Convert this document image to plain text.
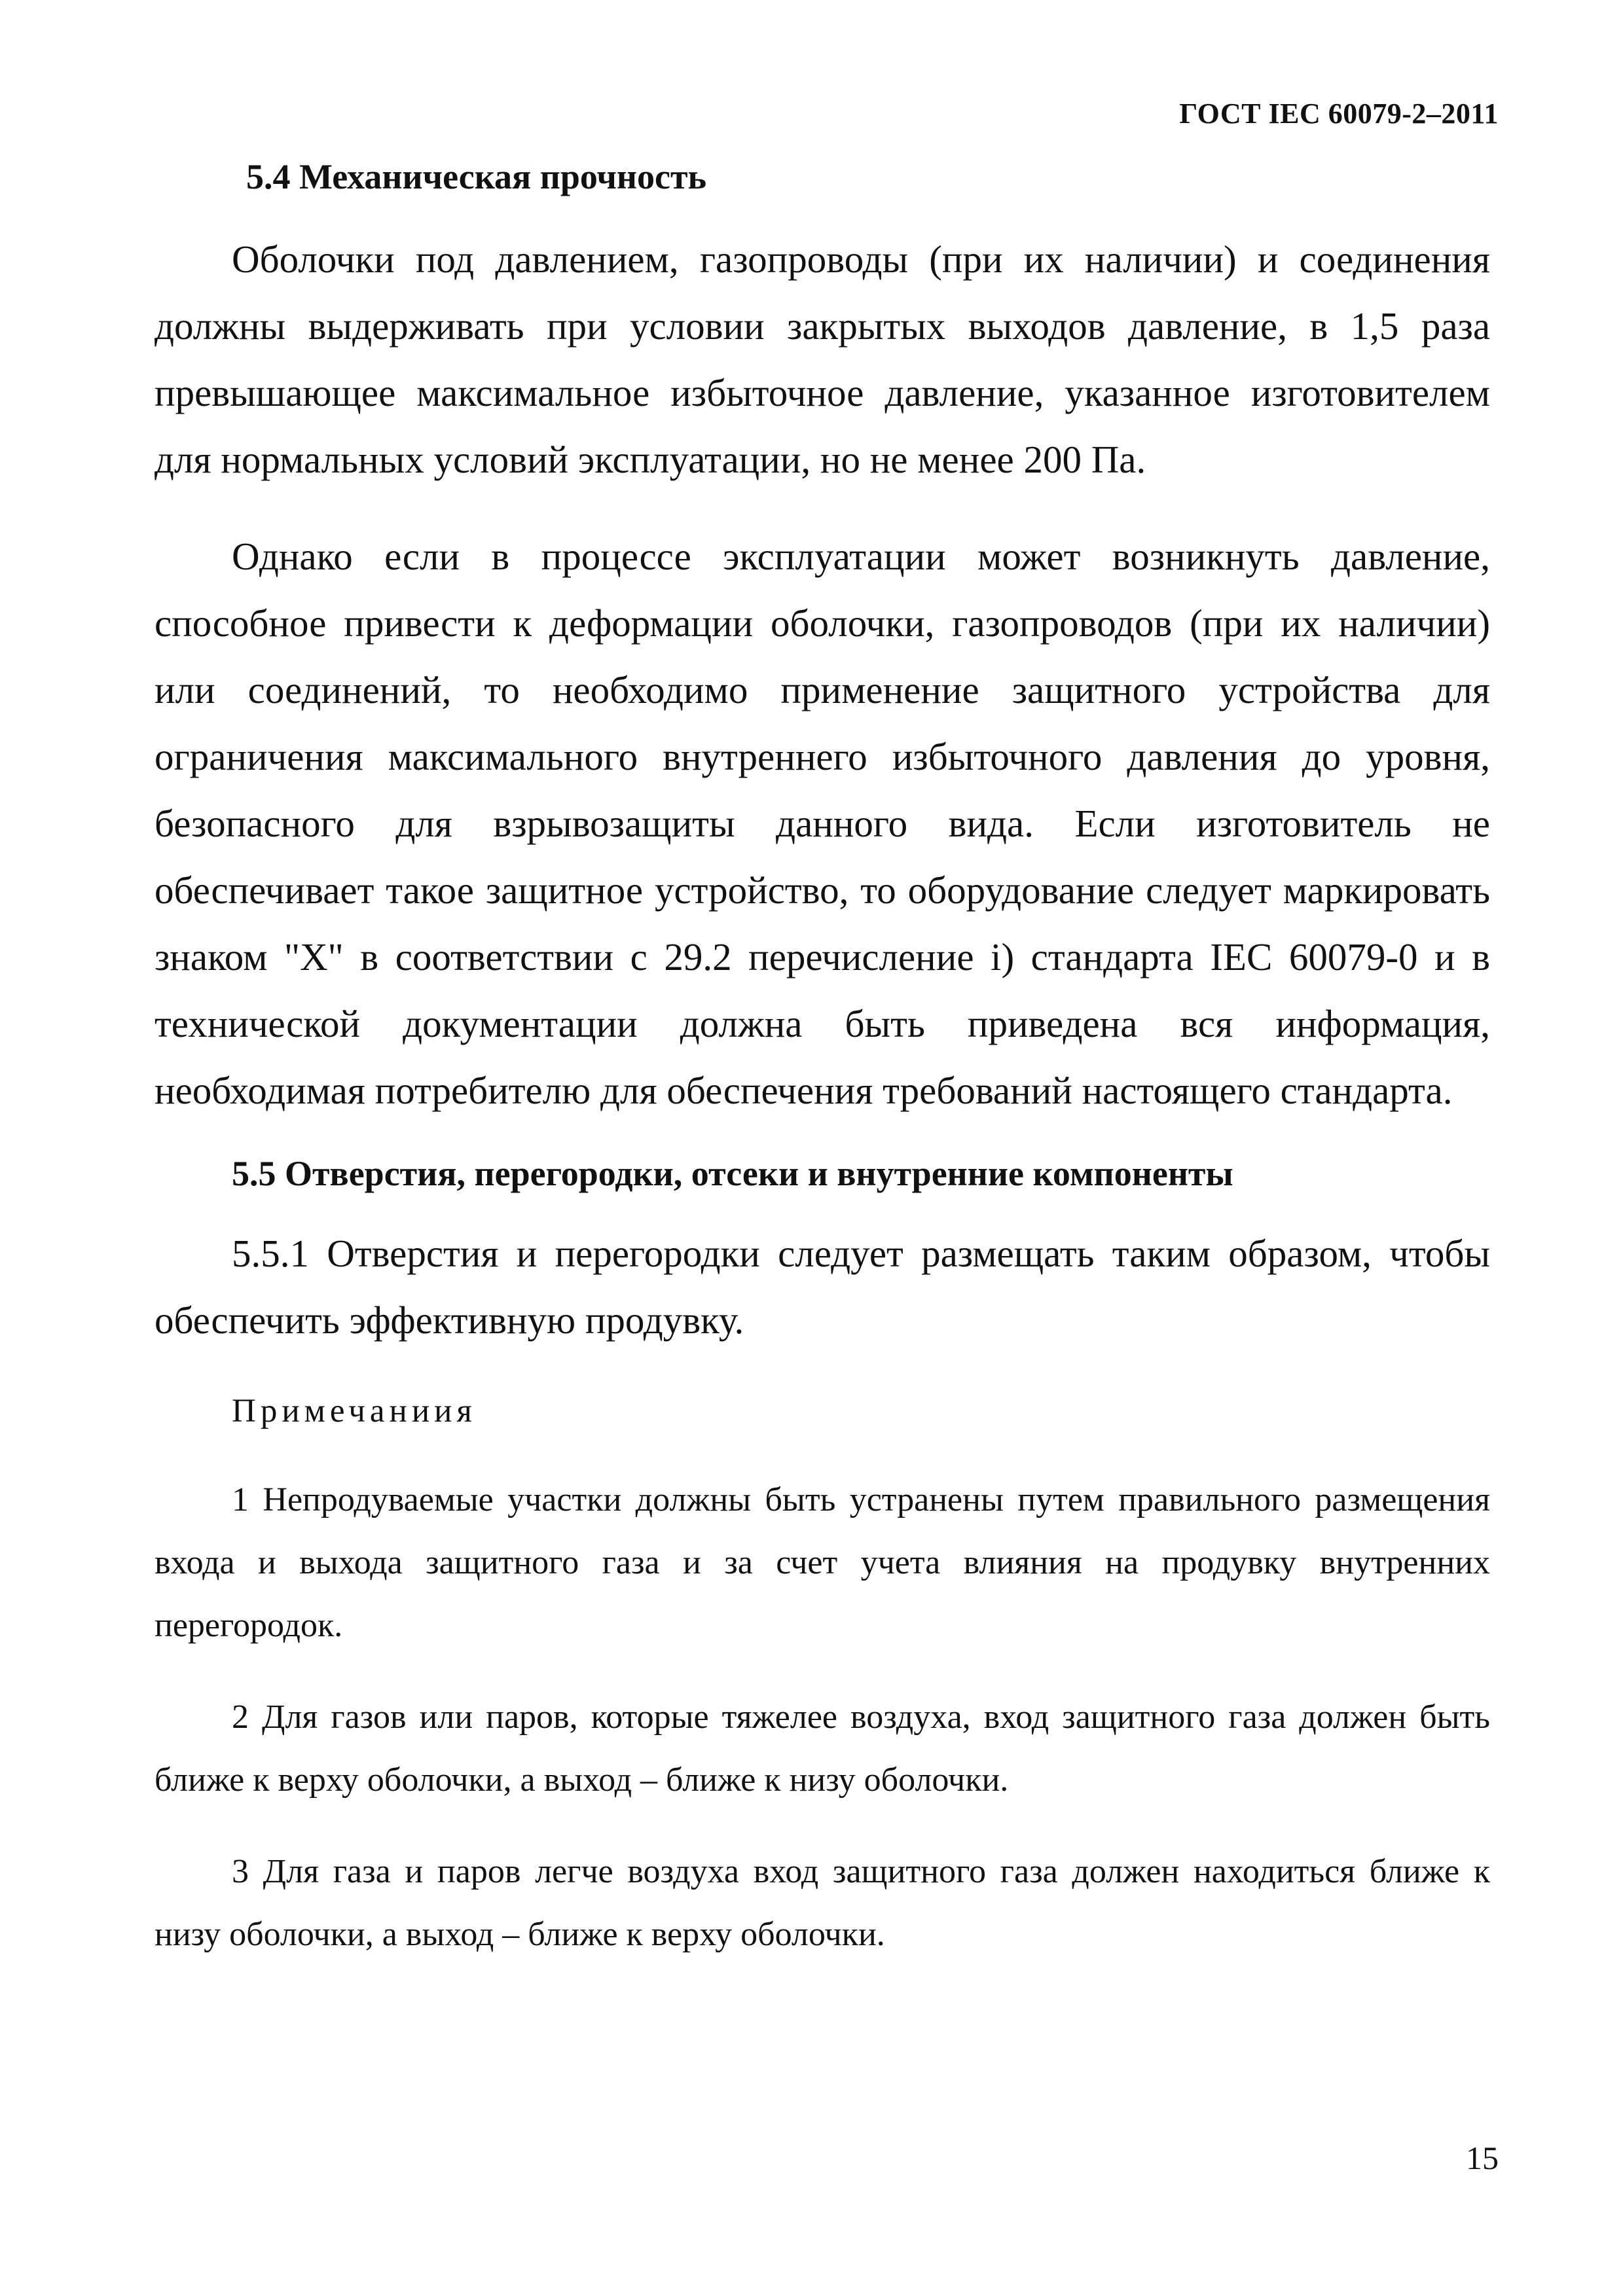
ГОСТ IEC 60079-2–2011
5.4 Механическая прочность

Оболочки под давлением, газопроводы (при их наличии) и соединения должны выдерживать при условии закрытых выходов давление, в 1,5 раза превышающее максимальное избыточное давление, указанное изготовителем для нормальных условий эксплуатации, но не менее 200 Па.

Однако если в процессе эксплуатации может возникнуть давление, способное привести к деформации оболочки, газопроводов (при их наличии) или соединений, то необходимо применение защитного устройства для ограничения максимального внутреннего избыточного давления до уровня, безопасного для взрывозащиты данного вида. Если изготовитель не обеспечивает такое защитное устройство, то оборудование следует маркировать знаком "X" в соответствии с 29.2 перечисление i) стандарта IEC 60079-0 и в технической документации должна быть приведена вся информация, необходимая потребителю для обеспечения требований настоящего стандарта.

5.5 Отверстия, перегородки, отсеки и внутренние компоненты

5.5.1 Отверстия и перегородки следует размещать таким образом, чтобы обеспечить эффективную продувку.

Примечаниия

1 Непродуваемые участки должны быть устранены путем правильного размещения входа и выхода защитного газа и за счет учета влияния на продувку внутренних перегородок.

2 Для газов или паров, которые тяжелее воздуха, вход защитного газа должен быть ближе к верху оболочки, а выход – ближе к низу оболочки.

3 Для газа и паров легче воздуха вход защитного газа должен находиться ближе к низу оболочки, а выход – ближе к верху оболочки.

15
